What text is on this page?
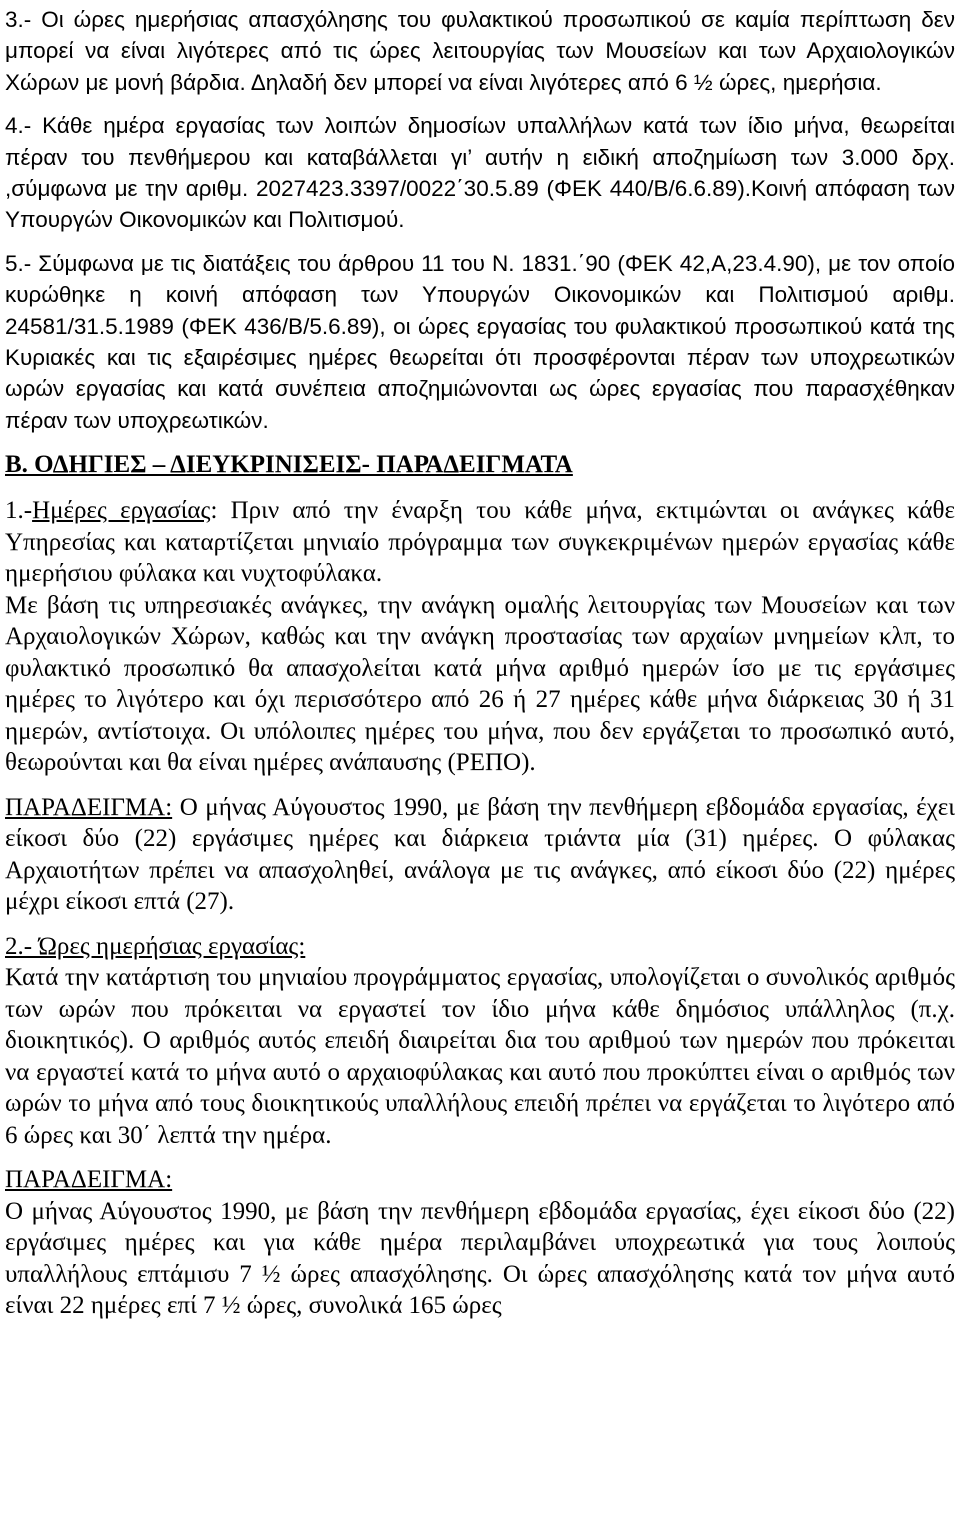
3.- Οι ώρες ημερήσιας απασχόλησης του φυλακτικού προσωπικού σε καμία περίπτωση δεν μπορεί να είναι λιγότερες από τις ώρες λειτουργίας των Μουσείων και των Αρχαιολογικών Χώρων με μονή βάρδια. Δηλαδή δεν μπορεί να είναι λιγότερες από 6 ½ ώρες, ημερήσια.

4.- Κάθε ημέρα εργασίας των λοιπών δημοσίων υπαλλήλων κατά των ίδιο μήνα, θεωρείται πέραν του πενθήμερου και καταβάλλεται γι’ αυτήν η ειδική αποζημίωση των 3.000 δρχ. ,σύμφωνα με την αριθμ. 2027423.3397/0022΄30.5.89 (ΦΕΚ 440/Β/6.6.89).Κοινή απόφαση των Υπουργών Οικονομικών και Πολιτισμού.

5.- Σύμφωνα με τις διατάξεις του άρθρου 11 του Ν. 1831.΄90 (ΦΕΚ 42,Α,23.4.90), με τον οποίο κυρώθηκε η κοινή απόφαση των Υπουργών Οικονομικών και Πολιτισμού αριθμ. 24581/31.5.1989 (ΦΕΚ 436/Β/5.6.89), οι ώρες εργασίας του φυλακτικού προσωπικού κατά της Κυριακές και τις εξαιρέσιμες ημέρες θεωρείται ότι προσφέρονται πέραν των υποχρεωτικών ωρών εργασίας και κατά συνέπεια αποζημιώνονται ως ώρες εργασίας που παρασχέθηκαν πέραν των υποχρεωτικών.

Β. ΟΔΗΓΙΕΣ – ΔΙΕΥΚΡΙΝΙΣΕΙΣ- ΠΑΡΑΔΕΙΓΜΑΤΑ

1.-Ημέρες εργασίας: Πριν από την έναρξη του κάθε μήνα, εκτιμώνται οι ανάγκες κάθε Υπηρεσίας και καταρτίζεται μηνιαίο πρόγραμμα των συγκεκριμένων ημερών εργασίας κάθε ημερήσιου φύλακα και νυχτοφύλακα.

Με βάση τις υπηρεσιακές ανάγκες, την ανάγκη ομαλής λειτουργίας των Μουσείων και των Αρχαιολογικών Χώρων, καθώς και την ανάγκη προστασίας των αρχαίων μνημείων κλπ, το φυλακτικό προσωπικό θα απασχολείται κατά μήνα αριθμό ημερών ίσο με τις εργάσιμες ημέρες το λιγότερο και όχι περισσότερο από 26 ή 27 ημέρες κάθε μήνα διάρκειας 30 ή 31 ημερών, αντίστοιχα. Οι υπόλοιπες ημέρες του μήνα, που δεν εργάζεται το προσωπικό αυτό, θεωρούνται και θα είναι ημέρες ανάπαυσης (ΡΕΠΟ).

ΠΑΡΑΔΕΙΓΜΑ: Ο μήνας Αύγουστος 1990, με βάση την πενθήμερη εβδομάδα εργασίας, έχει είκοσι δύο (22) εργάσιμες ημέρες και διάρκεια τριάντα μία (31) ημέρες. Ο φύλακας Αρχαιοτήτων πρέπει να απασχοληθεί, ανάλογα με τις ανάγκες, από είκοσι δύο (22) ημέρες μέχρι είκοσι επτά (27).

2.- Ώρες ημερήσιας εργασίας:

Κατά την κατάρτιση του μηνιαίου προγράμματος εργασίας, υπολογίζεται ο συνολικός αριθμός των ωρών που πρόκειται να εργαστεί τον ίδιο μήνα κάθε δημόσιος υπάλληλος (π.χ. διοικητικός). Ο αριθμός αυτός επειδή διαιρείται δια του αριθμού των ημερών που πρόκειται να εργαστεί κατά το μήνα αυτό ο αρχαιοφύλακας και αυτό που προκύπτει είναι ο αριθμός των ωρών το μήνα από τους διοικητικούς υπαλλήλους επειδή πρέπει να εργάζεται το λιγότερο από 6 ώρες και 30΄ λεπτά την ημέρα.

ΠΑΡΑΔΕΙΓΜΑ:

Ο μήνας Αύγουστος 1990, με βάση την πενθήμερη εβδομάδα εργασίας, έχει είκοσι δύο (22) εργάσιμες ημέρες και για κάθε ημέρα περιλαμβάνει υποχρεωτικά για τους λοιπούς υπαλλήλους επτάμισυ 7 ½ ώρες απασχόλησης. Οι ώρες απασχόλησης κατά τον μήνα αυτό είναι 22 ημέρες επί 7 ½ ώρες, συνολικά 165 ώρες
